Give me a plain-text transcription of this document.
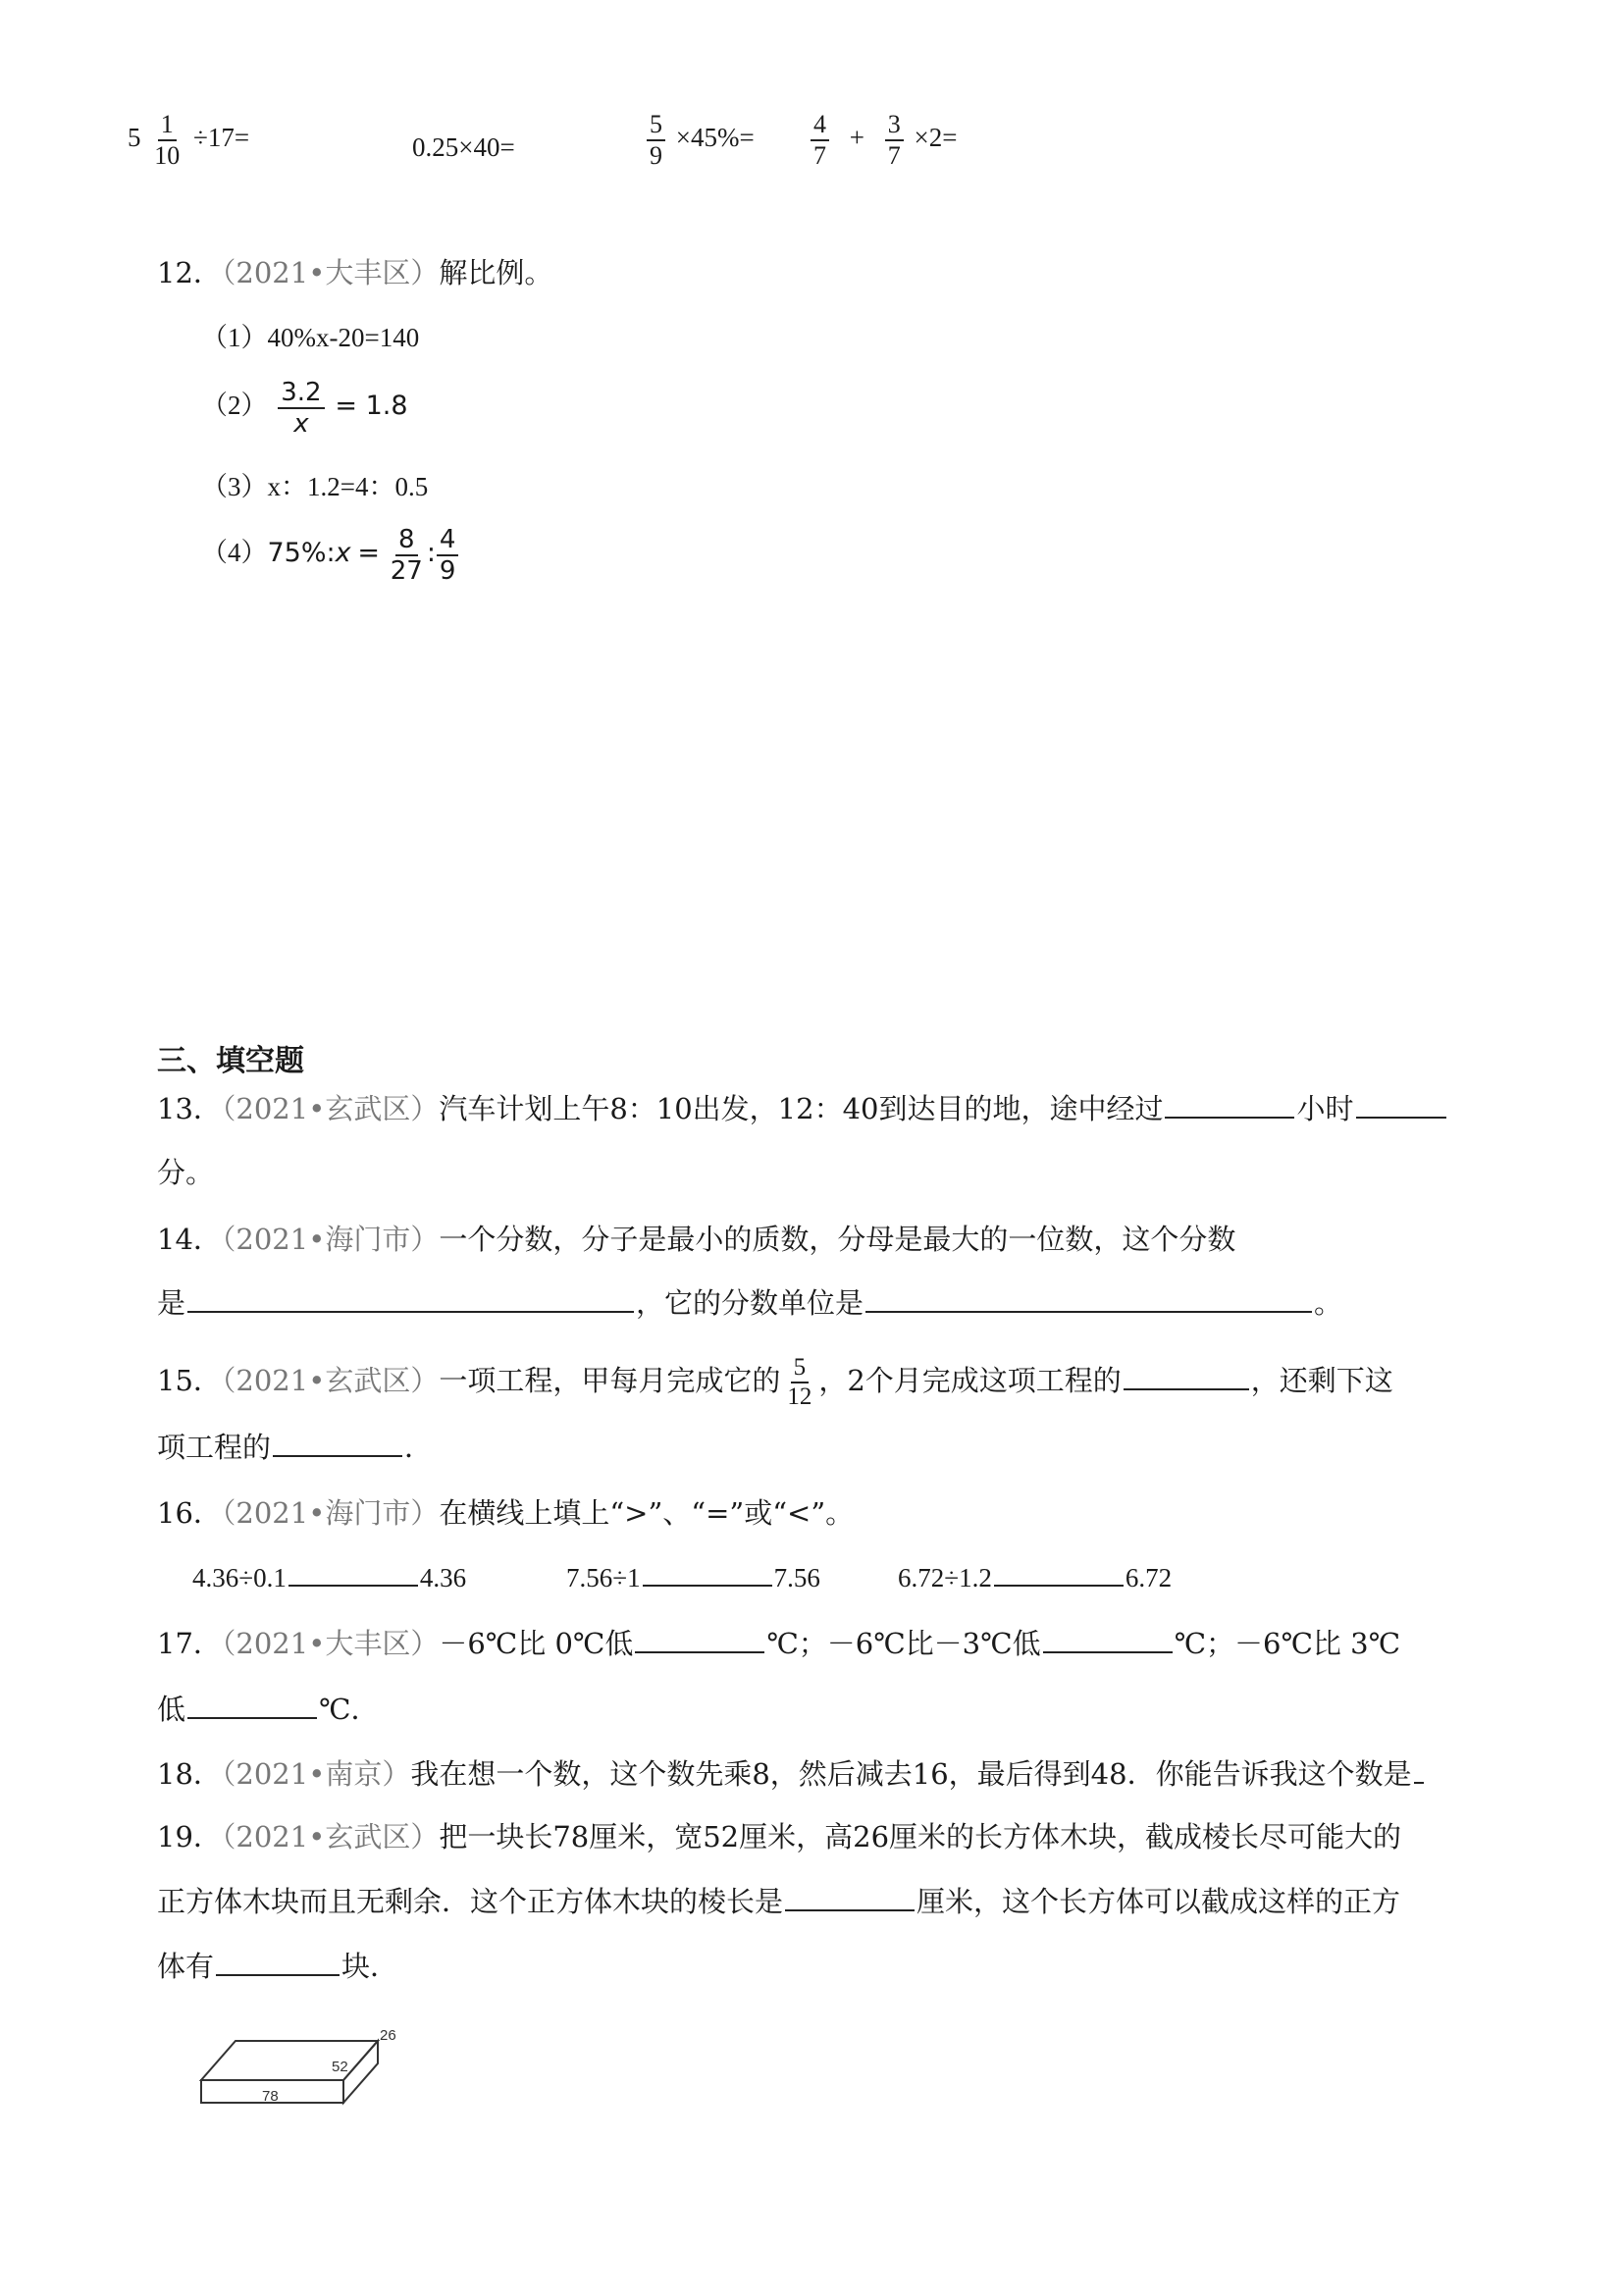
$5 \frac{1}{10} \div 17=$	0.25×40=	$\frac{5}{9} \times 45\%= \frac{4}{7} + \frac{3}{7} \times 2=$
12．（2021•大丰区）解比例。
（1）40%x-20=140
$(2) \frac{3.2}{x} = 1.8$
（3）x：1.2=4：0.5
（4）75%:x = $\frac{8}{27}$ : $\frac{4}{9}$
三、填空题
13．（2021•玄武区）汽车计划上午8：10出发，12：40到达目的地，途中经过	小时
分。
14．（2021•海门市）一个分数，分子是最小的质数，分母是最大的一位数，这个分数
是	，它的分数单位是	。
15．（2021•玄武区）一项工程，甲每月完成它的 $\frac{5}{12}$ ，2个月完成这项工程的	，还剩下这
项工程的	．
16．（2021•海门市）在横线上填上“>”、“=”或“<”。
4.36÷0.1	4.36	7.56÷1	7.56	6.72÷1.2	6.72
17．（2021•大丰区）－6℃比 0℃低	℃；－6℃比－3℃低	℃；－6℃比 3℃
低	℃．
18．（2021•南京）我在想一个数，这个数先乘8，然后减去16，最后得到48．你能告诉我这个数是
19．（2021•玄武区）把一块长78厘米，宽52厘米，高26厘米的长方体木块，截成棱长尽可能大的
正方体木块而且无剩余．这个正方体木块的棱长是	厘米，这个长方体可以截成这样的正方
体有	块．
78
52
26
